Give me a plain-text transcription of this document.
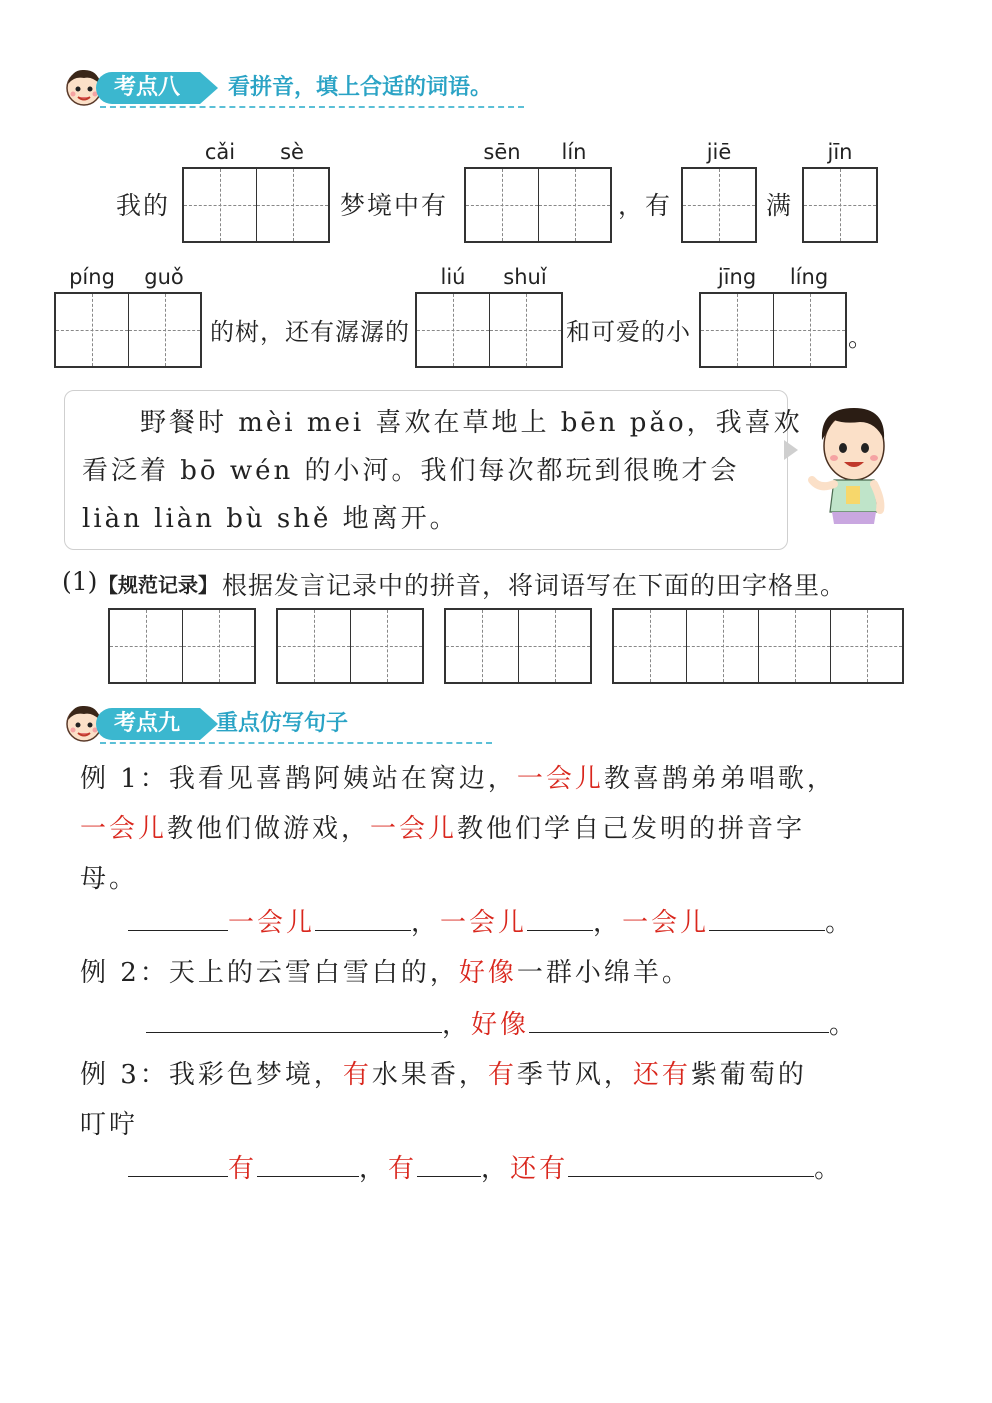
考点八	看拼音，填上合适的词语。
cǎi	sè	sēn	lín	jiē	jīn
我的	梦境中有	，有	满
píng	guǒ	liú	shuǐ	jīng	líng
的树，还有潺潺的	和可爱的小	。
野餐时 mèi mei 喜欢在草地上 bēn pǎo，我喜欢
看泛着 bō wén 的小河。我们每次都玩到很晚才会
liàn liàn bù shě 地离开。
(1) 【规范记录】 根据发言记录中的拼音，将词语写在下面的田字格里。
考点九	重点仿写句子
例 1：我看见喜鹊阿姨站在窝边，一会儿教喜鹊弟弟唱歌，
一会儿教他们做游戏，一会儿教他们学自己发明的拼音字
母。
一会儿	，一会儿	，一会儿	。
例 2：天上的云雪白雪白的，好像一群小绵羊。
，好像	。
例 3：我彩色梦境，有水果香，有季节风，还有紫葡萄的
叮咛
有	，有 ，还有	。
